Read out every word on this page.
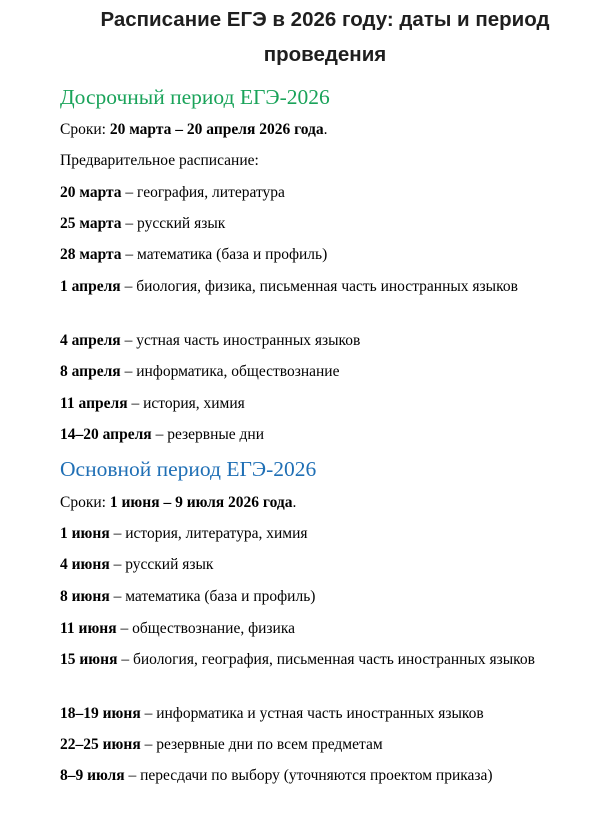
Расписание ЕГЭ в 2026 году: даты и период
проведения
Досрочный период ЕГЭ-2026

Сроки: 20 марта – 20 апреля 2026 года.

Предварительное расписание:

20 марта – география, литература

25 марта – русский язык

28 марта – математика (база и профиль)

1 апреля – биология, физика, письменная часть иностранных языков

4 апреля – устная часть иностранных языков

8 апреля – информатика, обществознание

11 апреля – история, химия

14–20 апреля – резервные дни

Основной период ЕГЭ-2026

Сроки: 1 июня – 9 июля 2026 года.

1 июня – история, литература, химия

4 июня – русский язык

8 июня – математика (база и профиль)

11 июня – обществознание, физика

15 июня – биология, география, письменная часть иностранных языков

18–19 июня – информатика и устная часть иностранных языков

22–25 июня – резервные дни по всем предметам

8–9 июля – пересдачи по выбору (уточняются проектом приказа)
